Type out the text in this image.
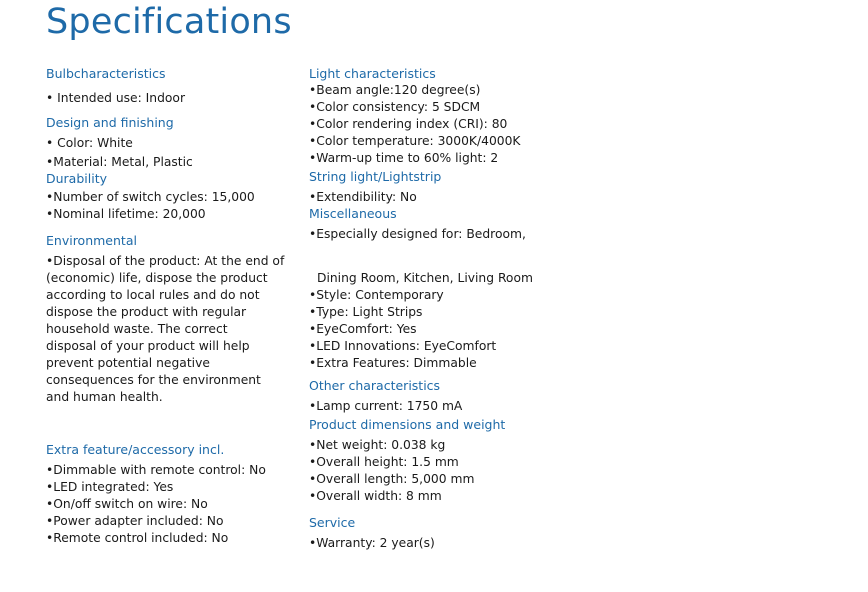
Specifications
Bulbcharacteristics
• Intended use: Indoor
Design and finishing
• Color: White
•Material: Metal, Plastic
Durability
•Number of switch cycles: 15,000
•Nominal lifetime: 20,000
Environmental
•Disposal of the product: At the end of
(economic) life, dispose the product
according to local rules and do not
dispose the product with regular
household waste. The correct
disposal of your product will help
prevent potential negative
consequences for the environment
and human health.
Extra feature/accessory incl.
•Dimmable with remote control: No
•LED integrated: Yes
•On/off switch on wire: No
•Power adapter included: No
•Remote control included: No
Light characteristics
•Beam angle:120 degree(s)
•Color consistency: 5 SDCM
•Color rendering index (CRI): 80
•Color temperature: 3000K/4000K
•Warm-up time to 60% light: 2
String light/Lightstrip
•Extendibility: No
Miscellaneous
•Especially designed for: Bedroom,
Dining Room, Kitchen, Living Room
•Style: Contemporary
•Type: Light Strips
•EyeComfort: Yes
•LED Innovations: EyeComfort
•Extra Features: Dimmable
Other characteristics
•Lamp current: 1750 mA
Product dimensions and weight
•Net weight: 0.038 kg
•Overall height: 1.5 mm
•Overall length: 5,000 mm
•Overall width: 8 mm
Service
•Warranty: 2 year(s)
